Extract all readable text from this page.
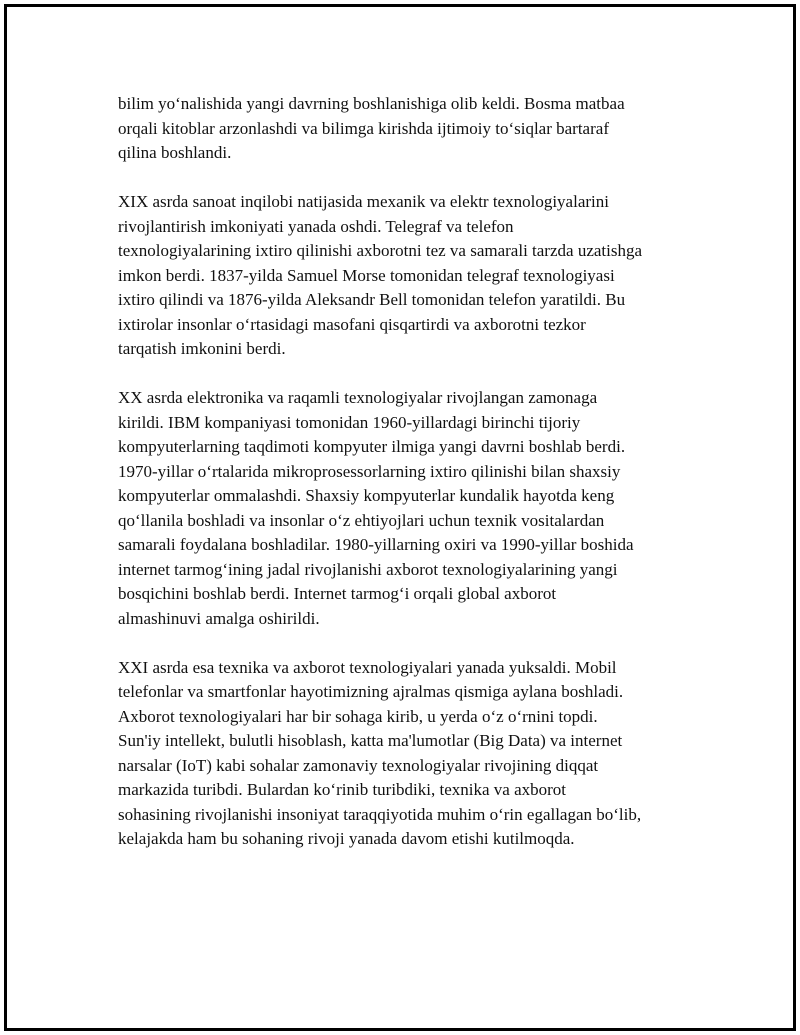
bilim yo‘nalishida yangi davrning boshlanishiga olib keldi. Bosma matbaa
orqali kitoblar arzonlashdi va bilimga kirishda ijtimoiy to‘siqlar bartaraf
qilina boshlandi.

XIX asrda sanoat inqilobi natijasida mexanik va elektr texnologiyalarini
rivojlantirish imkoniyati yanada oshdi. Telegraf va telefon
texnologiyalarining ixtiro qilinishi axborotni tez va samarali tarzda uzatishga
imkon berdi. 1837-yilda Samuel Morse tomonidan telegraf texnologiyasi
ixtiro qilindi va 1876-yilda Aleksandr Bell tomonidan telefon yaratildi. Bu
ixtirolar insonlar o‘rtasidagi masofani qisqartirdi va axborotni tezkor
tarqatish imkonini berdi.

XX asrda elektronika va raqamli texnologiyalar rivojlangan zamonaga
kirildi. IBM kompaniyasi tomonidan 1960-yillardagi birinchi tijoriy
kompyuterlarning taqdimoti kompyuter ilmiga yangi davrni boshlab berdi.
1970-yillar o‘rtalarida mikroprosessorlarning ixtiro qilinishi bilan shaxsiy
kompyuterlar ommalashdi. Shaxsiy kompyuterlar kundalik hayotda keng
qo‘llanila boshladi va insonlar o‘z ehtiyojlari uchun texnik vositalardan
samarali foydalana boshladilar. 1980-yillarning oxiri va 1990-yillar boshida
internet tarmog‘ining jadal rivojlanishi axborot texnologiyalarining yangi
bosqichini boshlab berdi. Internet tarmog‘i orqali global axborot
almashinuvi amalga oshirildi.

XXI asrda esa texnika va axborot texnologiyalari yanada yuksaldi. Mobil
telefonlar va smartfonlar hayotimizning ajralmas qismiga aylana boshladi.
Axborot texnologiyalari har bir sohaga kirib, u yerda o‘z o‘rnini topdi.
Sun'iy intellekt, bulutli hisoblash, katta ma'lumotlar (Big Data) va internet
narsalar (IoT) kabi sohalar zamonaviy texnologiyalar rivojining diqqat
markazida turibdi. Bulardan ko‘rinib turibdiki, texnika va axborot
sohasining rivojlanishi insoniyat taraqqiyotida muhim o‘rin egallagan bo‘lib,
kelajakda ham bu sohaning rivoji yanada davom etishi kutilmoqda.
